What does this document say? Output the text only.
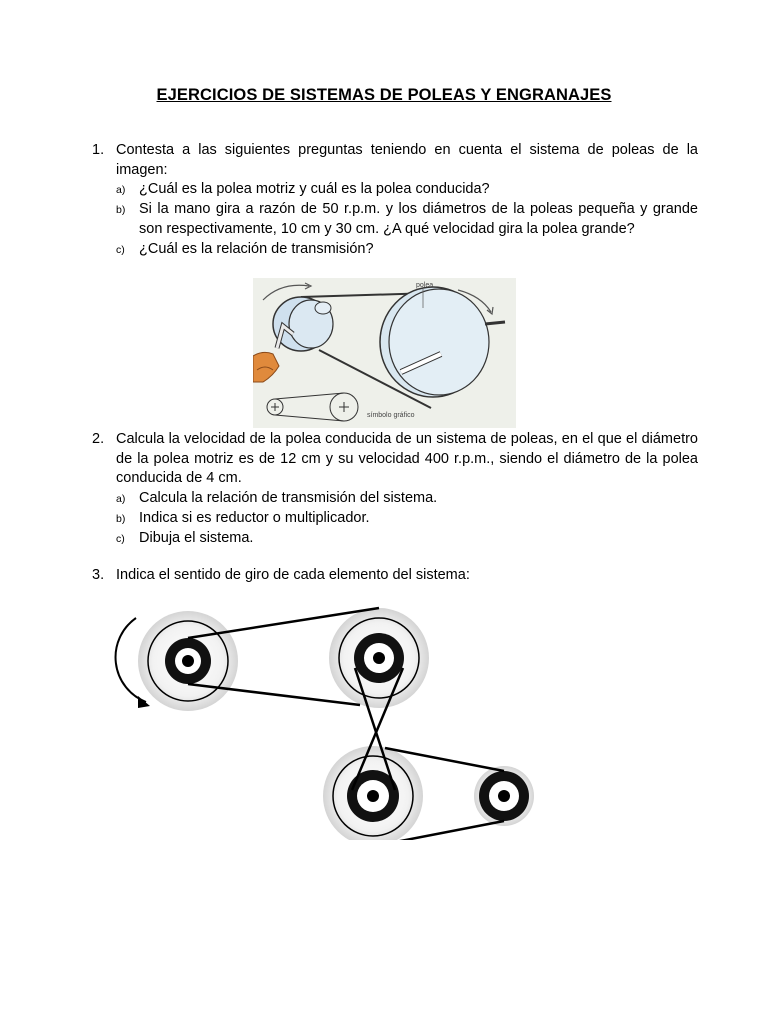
EJERCICIOS DE SISTEMAS DE POLEAS Y ENGRANAJES
1. Contesta a las siguientes preguntas teniendo en cuenta el sistema de poleas de la imagen:
a) ¿Cuál es la polea motriz y cuál es la polea conducida?
b) Si la mano gira a razón de 50 r.p.m. y los diámetros de la poleas pequeña y grande son respectivamente, 10 cm y 30 cm. ¿A qué velocidad gira la polea grande?
c) ¿Cuál es la relación de transmisión?
polea
símbolo gráfico
2. Calcula la velocidad de la polea conducida de un sistema de poleas, en el que el diámetro de la polea motriz es de 12 cm y su velocidad 400 r.p.m., siendo el diámetro de la polea conducida de 4 cm.
a) Calcula la relación de transmisión del sistema.
b) Indica si es reductor o multiplicador.
c) Dibuja el sistema.
3. Indica el sentido de giro de cada elemento del sistema:
